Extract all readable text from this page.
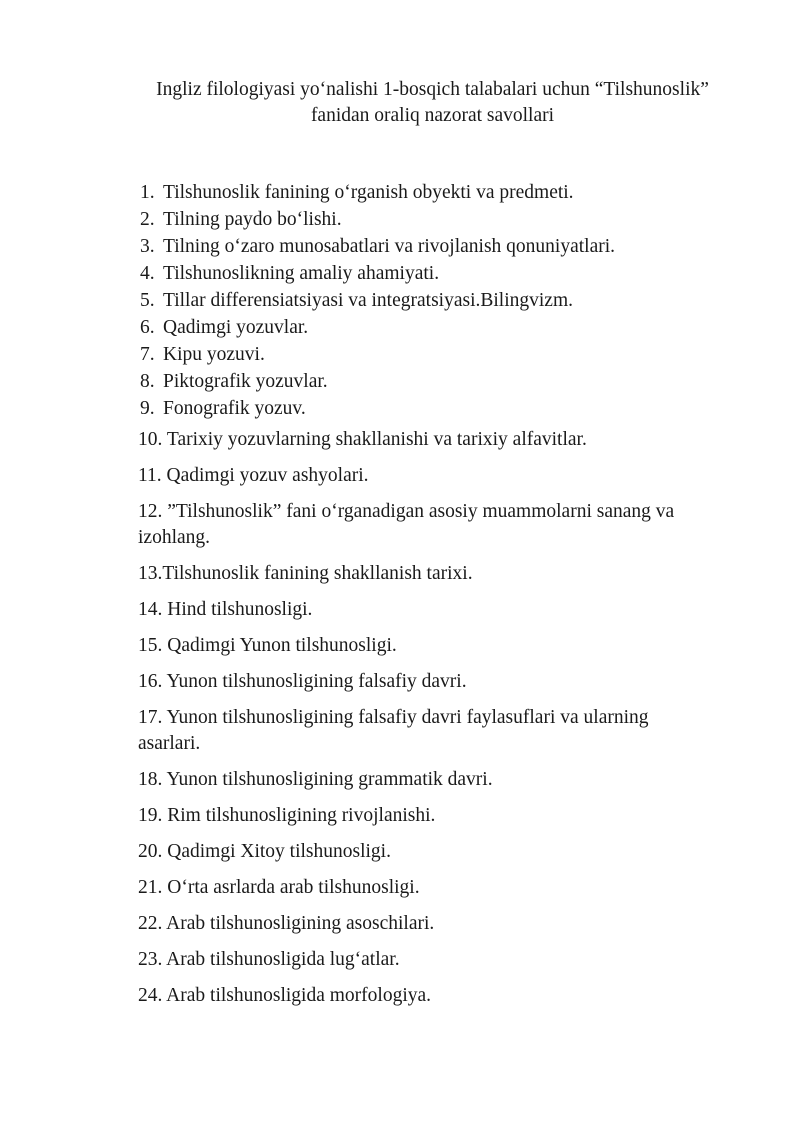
Ingliz filologiyasi yo‘nalishi 1-bosqich talabalari uchun “Tilshunoslik”
fanidan oraliq nazorat savollari
1. Tilshunoslik fanining o‘rganish obyekti va predmeti.
2. Tilning paydo bo‘lishi.
3. Tilning o‘zaro munosabatlari va rivojlanish qonuniyatlari.
4. Tilshunoslikning amaliy ahamiyati.
5. Tillar differensiatsiyasi va integratsiyasi.Bilingvizm.
6. Qadimgi yozuvlar.
7. Kipu yozuvi.
8. Piktografik yozuvlar.
9. Fonografik yozuv.
10. Tarixiy yozuvlarning shakllanishi va tarixiy alfavitlar.
11. Qadimgi yozuv ashyolari.
12. ”Tilshunoslik” fani o‘rganadigan asosiy muammolarni sanang va
izohlang.
13.Tilshunoslik fanining shakllanish tarixi.
14. Hind tilshunosligi.
15. Qadimgi Yunon tilshunosligi.
16. Yunon tilshunosligining falsafiy davri.
17. Yunon tilshunosligining falsafiy davri faylasuflari va ularning
asarlari.
18. Yunon tilshunosligining grammatik davri.
19. Rim tilshunosligining rivojlanishi.
20. Qadimgi Xitoy tilshunosligi.
21. O‘rta asrlarda arab tilshunosligi.
22. Arab tilshunosligining asoschilari.
23. Arab tilshunosligida lug‘atlar.
24. Arab tilshunosligida morfologiya.
